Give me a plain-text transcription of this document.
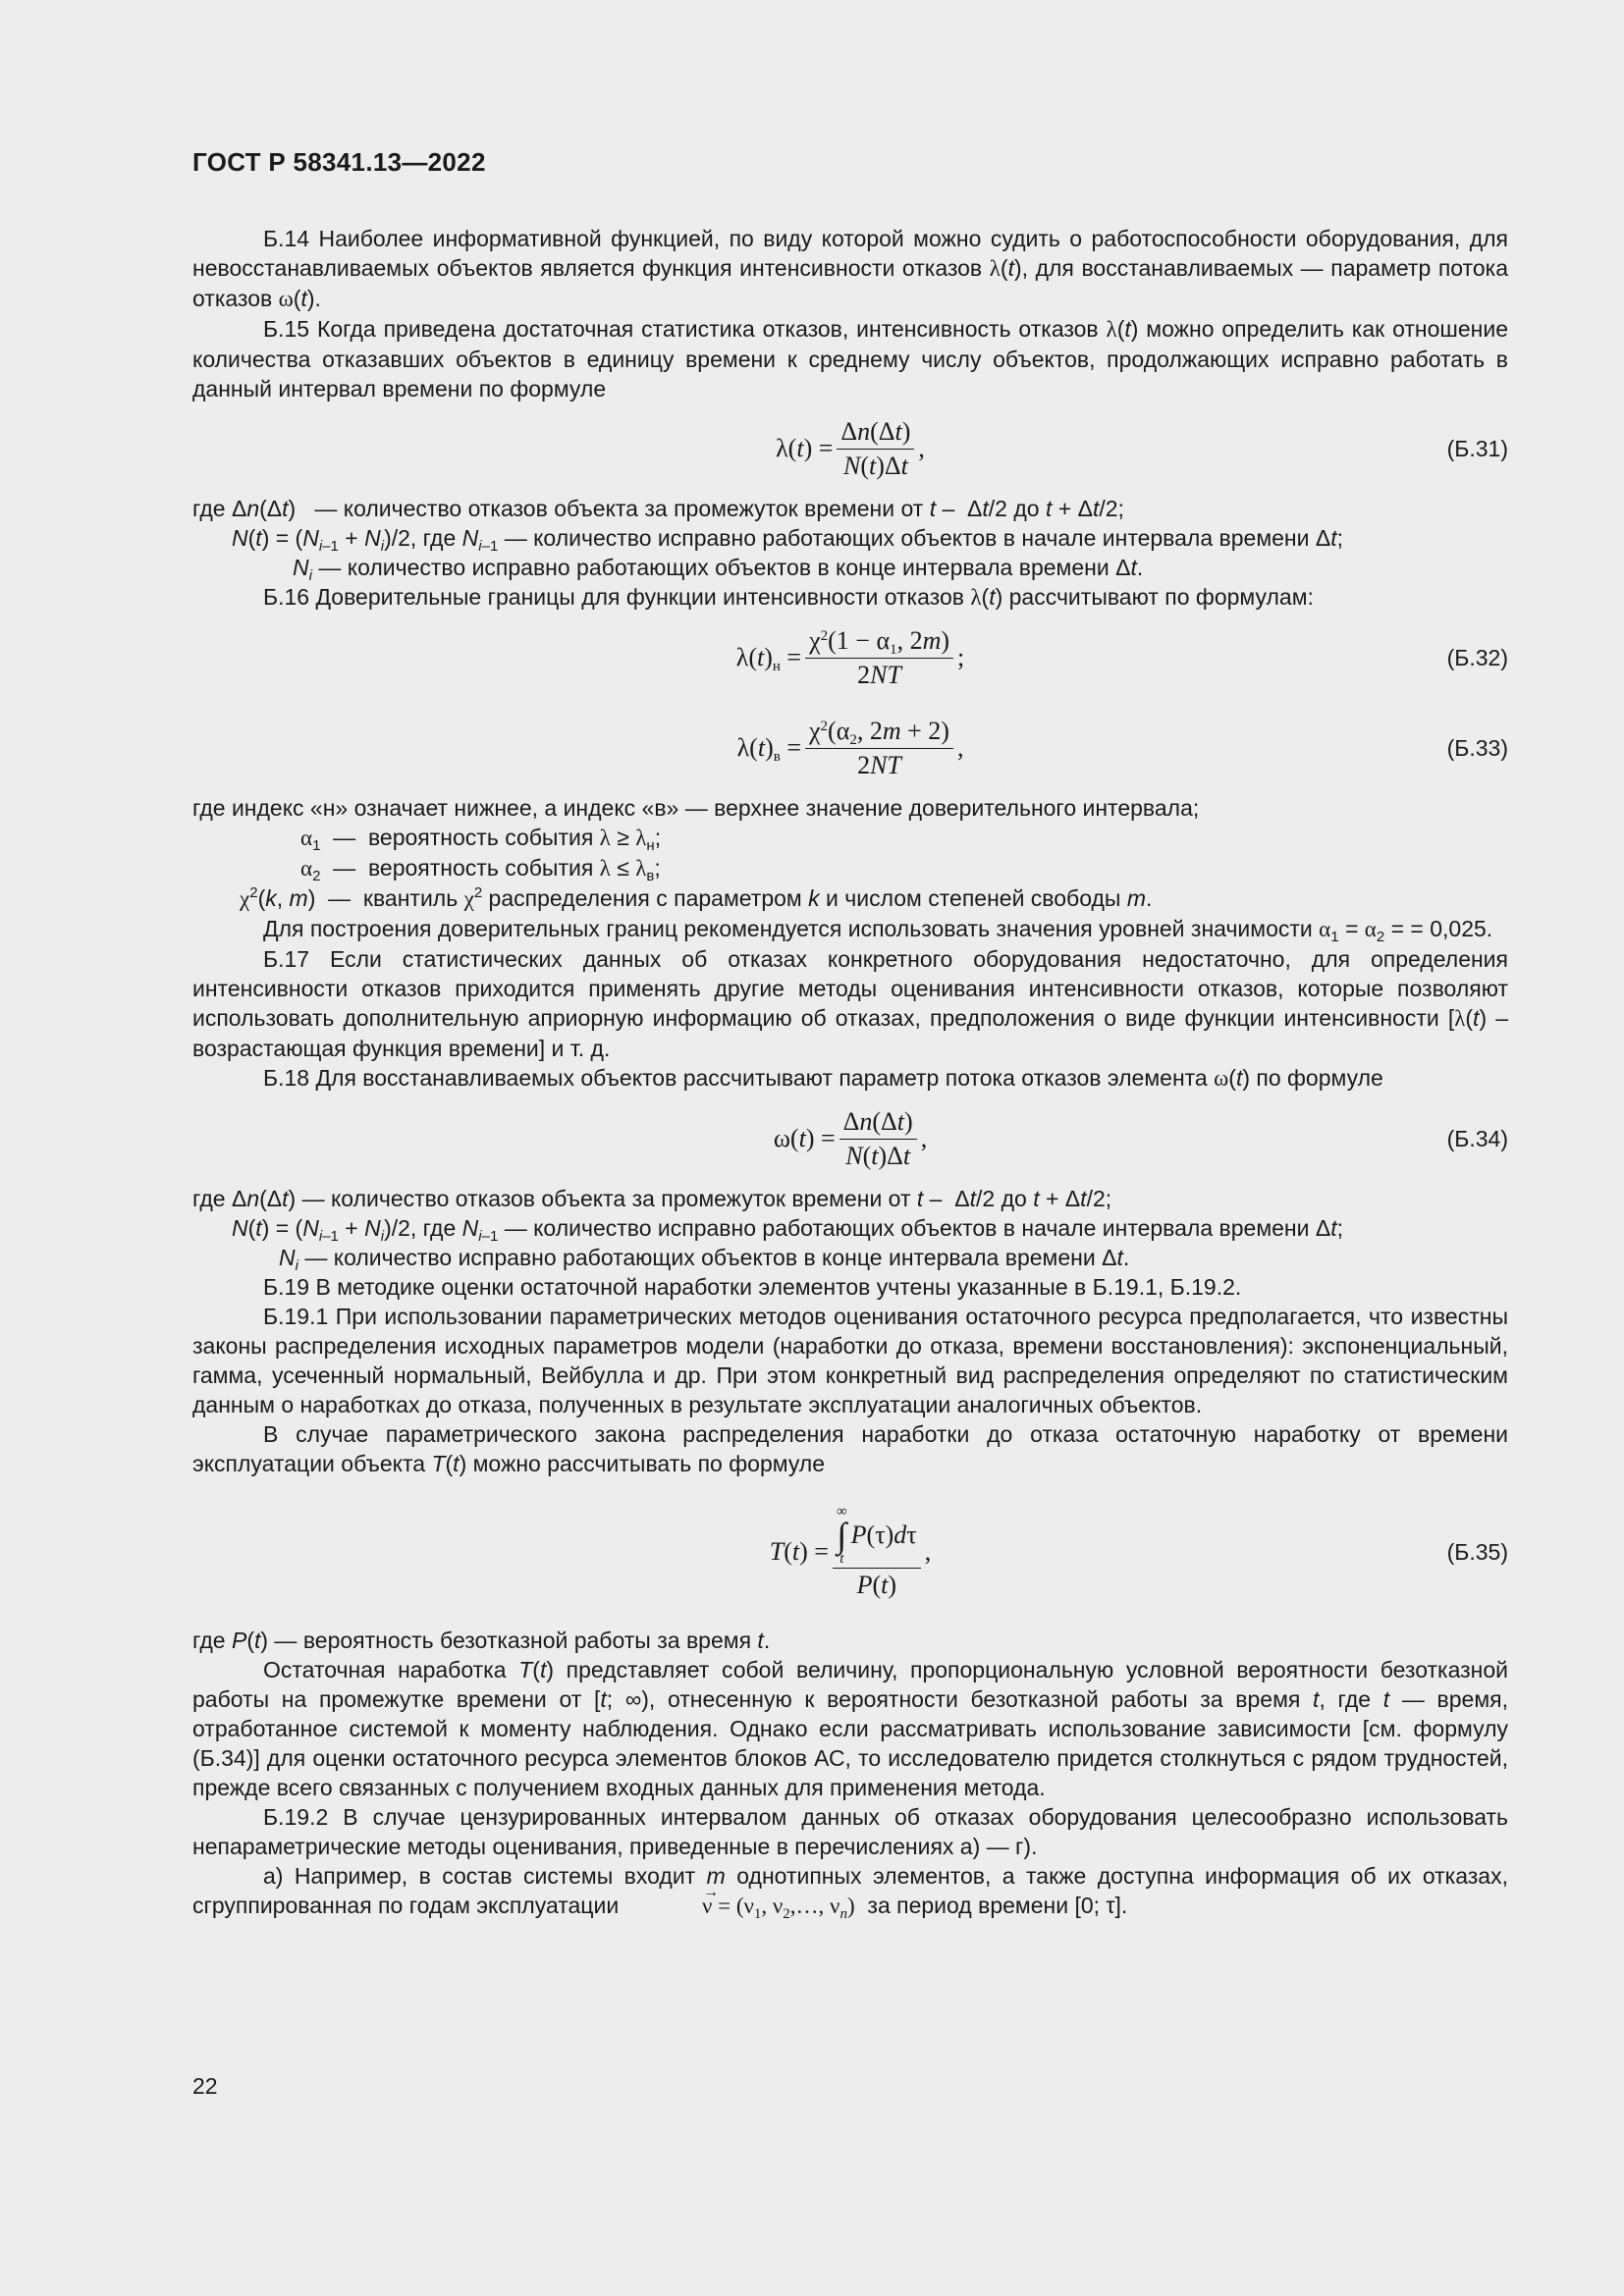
ГОСТ Р 58341.13—2022

Б.14 Наиболее информативной функцией, по виду которой можно судить о работоспособности оборудования, для невосстанавливаемых объектов является функция интенсивности отказов λ(t), для восстанавливаемых — параметр потока отказов ω(t).

Б.15 Когда приведена достаточная статистика отказов, интенсивность отказов λ(t) можно определить как отношение количества отказавших объектов в единицу времени к среднему числу объектов, продолжающих исправно работать в данный интервал времени по формуле

$\lambda(t) = \frac{\Delta n(\Delta t)}{N(t)\Delta t}$ ,	(Б.31)

где Δn(Δt)   — количество отказов объекта за промежуток времени от t –  Δt/2 до t + Δt/2;

$N(t) = (N_{i-1} + N_i)/2$, где $N_{i-1}$ — количество исправно работающих объектов в начале интервала времени Δt;

$N_i$ — количество исправно работающих объектов в конце интервала времени Δt.

Б.16 Доверительные границы для функции интенсивности отказов λ(t) рассчитывают по формулам:

$\lambda(t)_н = \frac{\chi^2(1 - \alpha_1, 2m)}{2NT}$ ;	(Б.32)
$\lambda(t)_в = \frac{\chi^2(\alpha_2, 2m + 2)}{2NT}$ ,	(Б.33)

где индекс «н» означает нижнее, а индекс «в» — верхнее значение доверительного интервала;

$\alpha_1$  —  вероятность события $\lambda \ge \lambda_н$;

$\alpha_2$  —  вероятность события $\lambda \le \lambda_в$;

$\chi^2(k$, m)  —  квантиль $\chi^2$ распределения с параметром k и числом степеней свободы m.

Для построения доверительных границ рекомендуется использовать значения уровней значимости $\alpha_1 = \alpha_2$ = = 0,025.

Б.17 Если статистических данных об отказах конкретного оборудования недостаточно, для определения интенсивности отказов приходится применять другие методы оценивания интенсивности отказов, которые позволяют использовать дополнительную априорную информацию об отказах, предположения о виде функции интенсивности [λ(t) – возрастающая функция времени] и т. д.

Б.18 Для восстанавливаемых объектов рассчитывают параметр потока отказов элемента ω(t) по формуле

$\omega(t) = \frac{\Delta n(\Delta t)}{N(t)\Delta t}$ ,	(Б.34)

где Δn(Δt) — количество отказов объекта за промежуток времени от t –  Δt/2 до t + Δt/2;

$N(t) = (N_{i-1} + N_i)/2$, где $N_{i-1}$ — количество исправно работающих объектов в начале интервала времени Δt;

$N_i$ — количество исправно работающих объектов в конце интервала времени Δt.

Б.19 В методике оценки остаточной наработки элементов учтены указанные в Б.19.1, Б.19.2.

Б.19.1 При использовании параметрических методов оценивания остаточного ресурса предполагается, что известны законы распределения исходных параметров модели (наработки до отказа, времени восстановления): экспоненциальный, гамма, усеченный нормальный, Вейбулла и др. При этом конкретный вид распределения определяют по статистическим данным о наработках до отказа, полученных в результате эксплуатации аналогичных объектов.

В случае параметрического закона распределения наработки до отказа остаточную наработку от времени эксплуатации объекта T(t) можно рассчитывать по формуле

T(t) = ∞
∫
t
P (τ) d τ
P(t) ,	(Б.35)

где P(t) — вероятность безотказной работы за время t.

Остаточная наработка T(t) представляет собой величину, пропорциональную условной вероятности безотказной работы на промежутке времени от [t; ∞), отнесенную к вероятности безотказной работы за время t, где t — время, отработанное системой к моменту наблюдения. Однако если рассматривать использование зависимости [см. формулу (Б.34)] для оценки остаточного ресурса элементов блоков АС, то исследователю придется столкнуться с рядом трудностей, прежде всего связанных с получением входных данных для применения метода.

Б.19.2 В случае цензурированных интервалом данных об отказах оборудования целесообразно использовать непараметрические методы оценивания, приведенные в перечислениях а) — г).

а) Например, в состав системы входит m однотипных элементов, а также доступна информация об их отказах, сгруппированная по годам эксплуатации	ν
→
= ($\nu_1$, $\nu_2,\dots$, $\nu_n$)  за период времени [0; τ].

22
